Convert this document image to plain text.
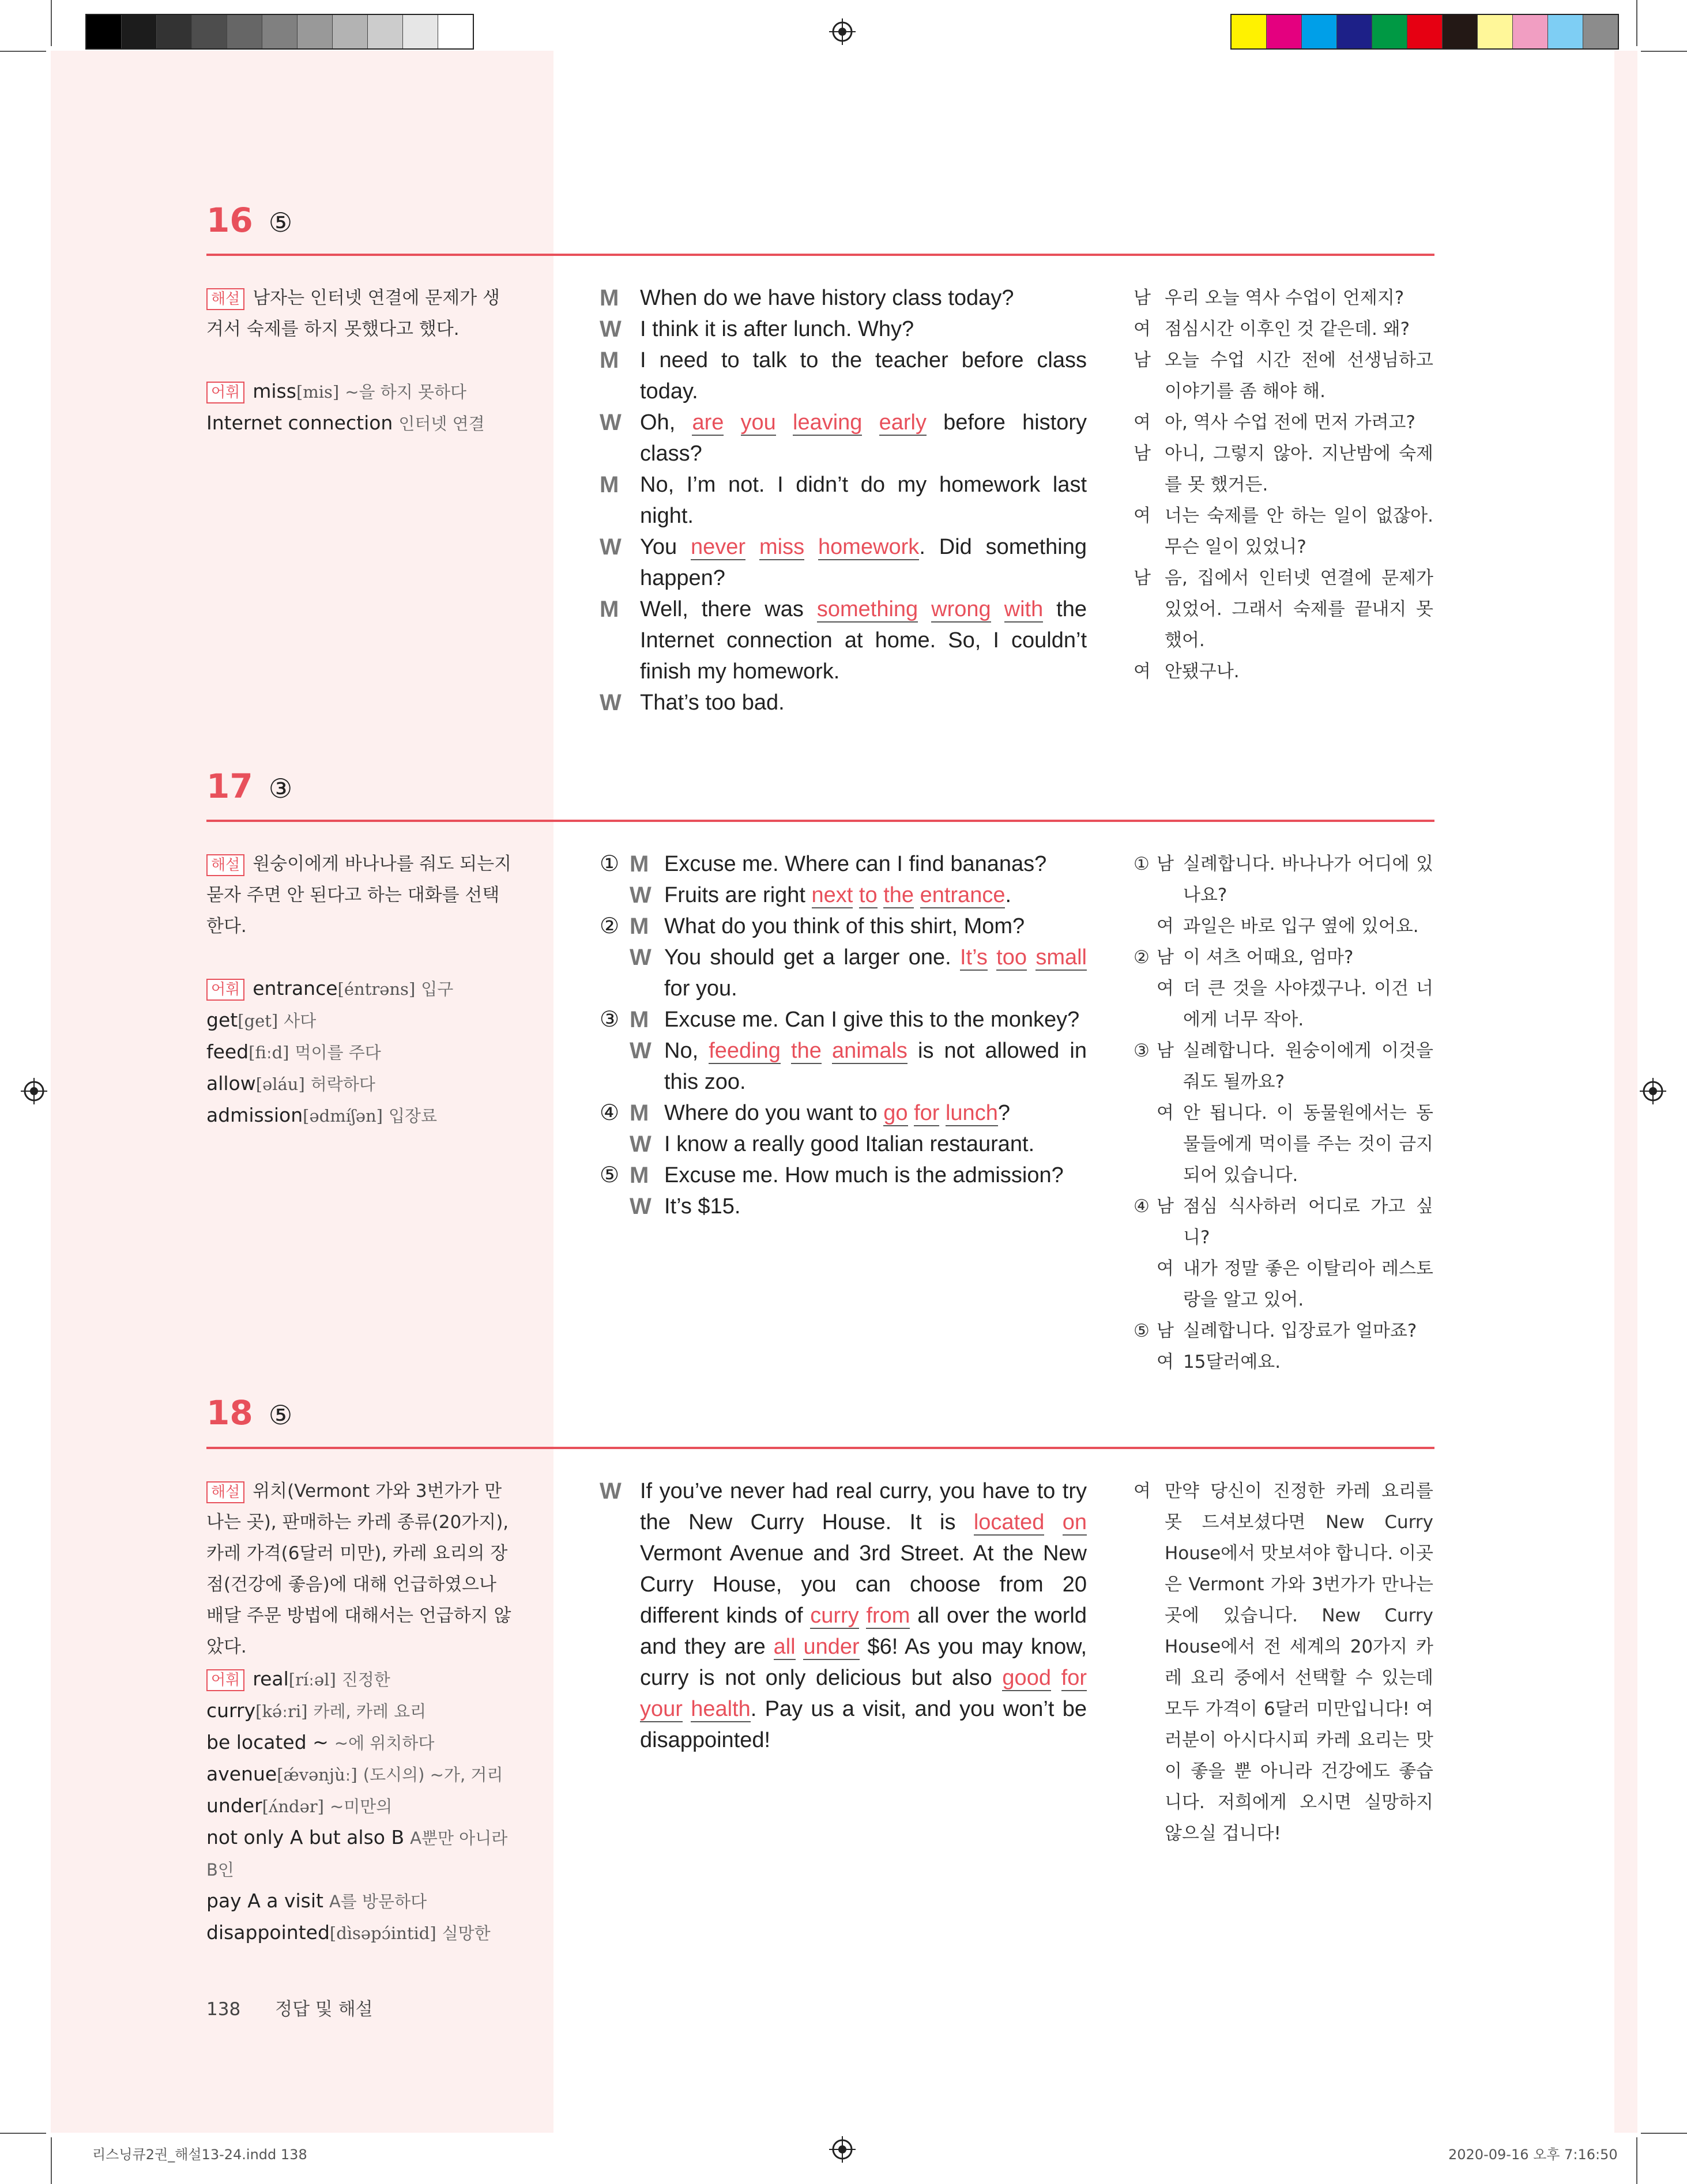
16 ⑤
해설 남자는 인터넷 연결에 문제가 생겨서 숙제를 하지 못했다고 했다.
어휘 miss[mis] ~을 하지 못하다
Internet connection 인터넷 연결
M When do we have history class today?
W I think it is after lunch. Why?
M I need to talk to the teacher before class today.
W Oh, are you leaving early before history class?
M No, I’m not. I didn’t do my homework last night.
W You never miss homework. Did something happen?
M Well, there was something wrong with the Internet connection at home. So, I couldn’t finish my homework.
W That’s too bad.
남 우리 오늘 역사 수업이 언제지?
여 점심시간 이후인 것 같은데. 왜?
남 오늘 수업 시간 전에 선생님하고 이야기를 좀 해야 해.
여 아, 역사 수업 전에 먼저 가려고?
남 아니, 그렇지 않아. 지난밤에 숙제를 못 했거든.
여 너는 숙제를 안 하는 일이 없잖아. 무슨 일이 있었니?
남 음, 집에서 인터넷 연결에 문제가 있었어. 그래서 숙제를 끝내지 못했어.
여 안됐구나.
17 ③
해설 원숭이에게 바나나를 줘도 되는지 묻자 주면 안 된다고 하는 대화를 선택한다.
어휘 entrance[éntrəns] 입구
get[get] 사다
feed[fiːd] 먹이를 주다
allow[əláu] 허락하다
admission[ədmíʃən] 입장료
① M Excuse me. Where can I find bananas?
W Fruits are right next to the entrance.
② M What do you think of this shirt, Mom?
W You should get a larger one. It’s too small for you.
③ M Excuse me. Can I give this to the monkey?
W No, feeding the animals is not allowed in this zoo.
④ M Where do you want to go for lunch?
W I know a really good Italian restaurant.
⑤ M Excuse me. How much is the admission?
W It’s $15.
① 남 실례합니다. 바나나가 어디에 있나요?
여 과일은 바로 입구 옆에 있어요.
② 남 이 셔츠 어때요, 엄마?
여 더 큰 것을 사야겠구나. 이건 너에게 너무 작아.
③ 남 실례합니다. 원숭이에게 이것을 줘도 될까요?
여 안 됩니다. 이 동물원에서는 동물들에게 먹이를 주는 것이 금지되어 있습니다.
④ 남 점심 식사하러 어디로 가고 싶니?
여 내가 정말 좋은 이탈리아 레스토랑을 알고 있어.
⑤ 남 실례합니다. 입장료가 얼마죠?
여 15달러예요.
18 ⑤
해설 위치(Vermont 가와 3번가가 만나는 곳), 판매하는 카레 종류(20가지), 카레 가격(6달러 미만), 카레 요리의 장점(건강에 좋음)에 대해 언급하였으나 배달 주문 방법에 대해서는 언급하지 않았다.
어휘 real[ríːəl] 진정한
curry[kə́ːri] 카레, 카레 요리
be located ~ ~에 위치하다
avenue[ǽvənjùː] (도시의) ~가, 거리
under[ʌ́ndər] ~미만의
not only A but also B A뿐만 아니라 B인
pay A a visit A를 방문하다
disappointed[dìsəpɔ́intid] 실망한
W If you’ve never had real curry, you have to try the New Curry House. It is located on Vermont Avenue and 3rd Street. At the New Curry House, you can choose from 20 different kinds of curry from all over the world and they are all under $6! As you may know, curry is not only delicious but also good for your health. Pay us a visit, and you won’t be disappointed!
여 만약 당신이 진정한 카레 요리를 못 드셔보셨다면 New Curry House에서 맛보셔야 합니다. 이곳은 Vermont 가와 3번가가 만나는 곳에 있습니다. New Curry House에서 전 세계의 20가지 카레 요리 중에서 선택할 수 있는데 모두 가격이 6달러 미만입니다! 여러분이 아시다시피 카레 요리는 맛이 좋을 뿐 아니라 건강에도 좋습니다. 저희에게 오시면 실망하지 않으실 겁니다!
138 정답 및 해설
리스닝큐2권_해설13-24.indd 138	2020-09-16 오후 7:16:50
